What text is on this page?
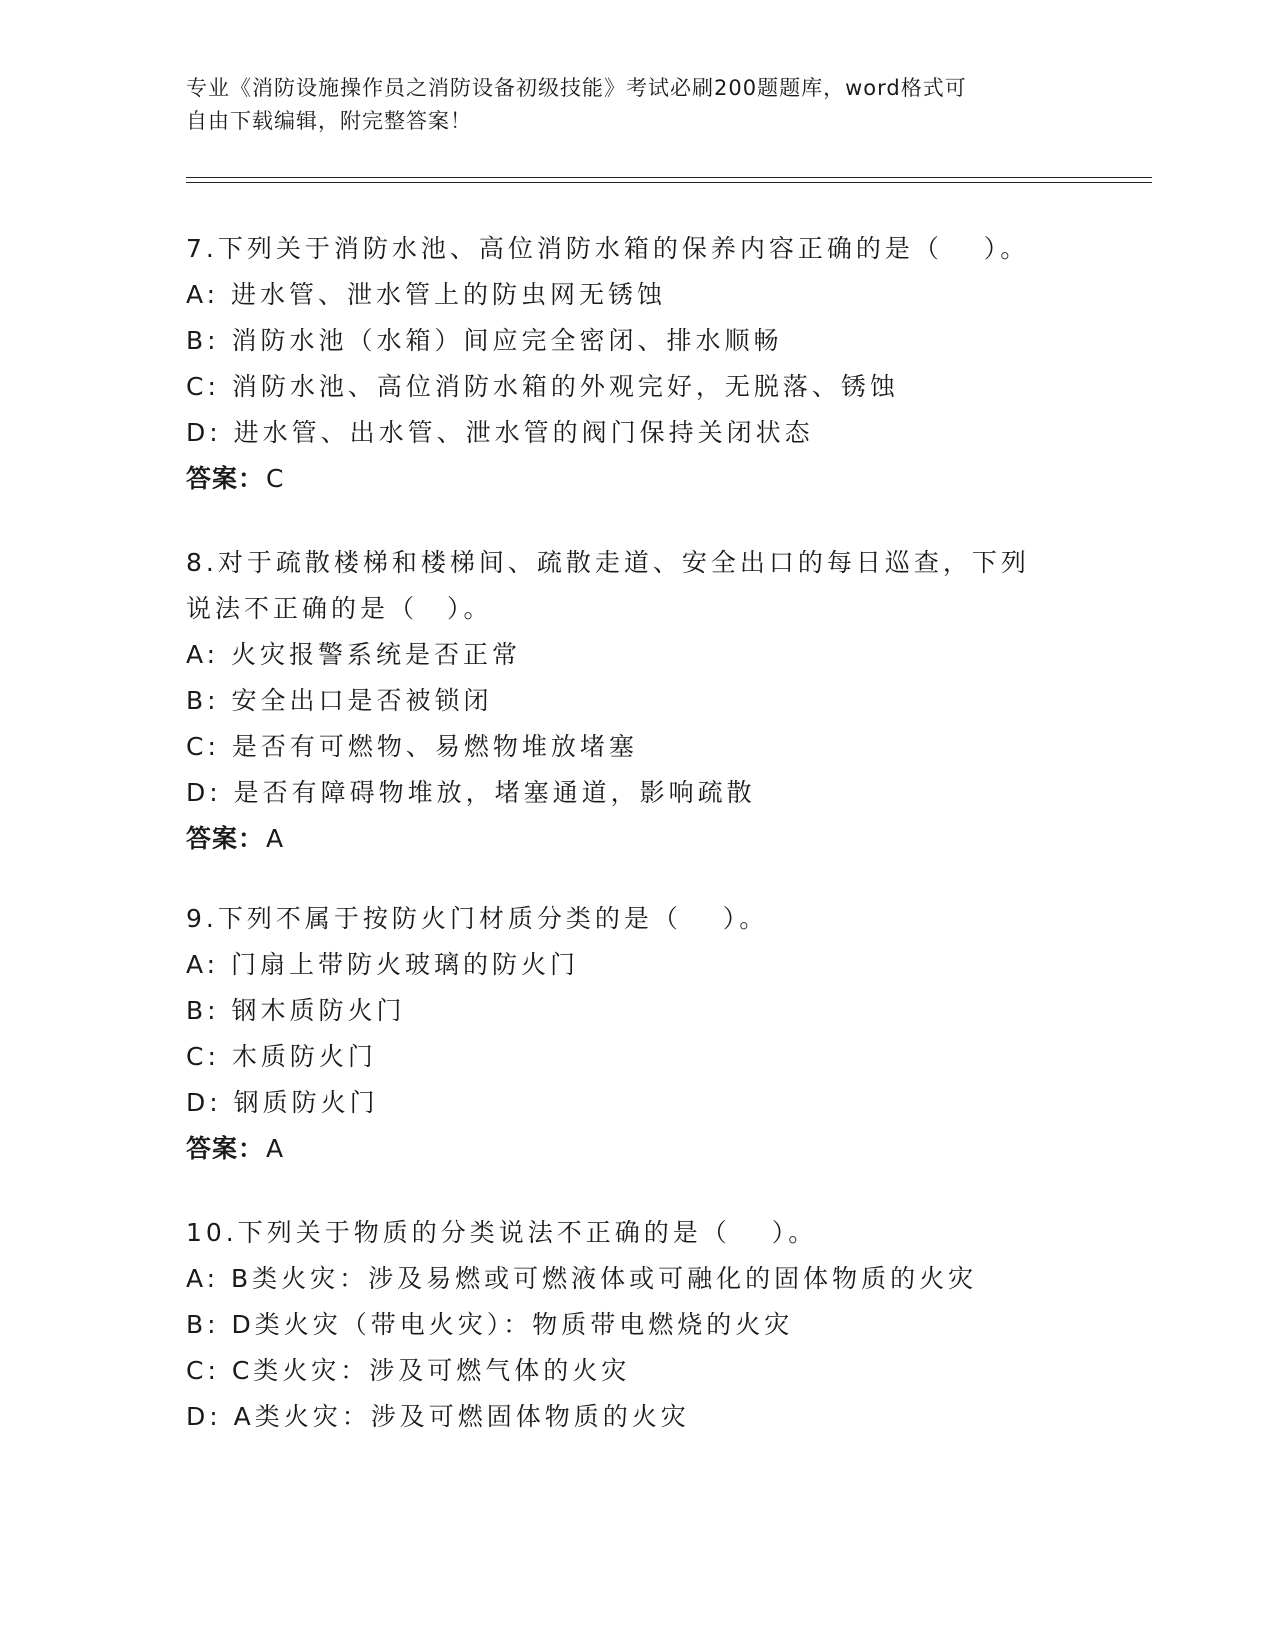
专业《消防设施操作员之消防设备初级技能》考试必刷200题题库，word格式可
自由下载编辑，附完整答案！

7.下列关于消防水池、高位消防水箱的保养内容正确的是（　 ）。

A: 进水管、泄水管上的防虫网无锈蚀

B: 消防水池（水箱）间应完全密闭、排水顺畅

C: 消防水池、高位消防水箱的外观完好，无脱落、锈蚀

D: 进水管、出水管、泄水管的阀门保持关闭状态

答案：C

8.对于疏散楼梯和楼梯间、疏散走道、安全出口的每日巡查，下列说法不正确的是（　）。

A: 火灾报警系统是否正常

B: 安全出口是否被锁闭

C: 是否有可燃物、易燃物堆放堵塞

D: 是否有障碍物堆放，堵塞通道，影响疏散

答案：A

9.下列不属于按防火门材质分类的是（　 ）。

A: 门扇上带防火玻璃的防火门

B: 钢木质防火门

C: 木质防火门

D: 钢质防火门

答案：A

10.下列关于物质的分类说法不正确的是（　 ）。

A: B类火灾：涉及易燃或可燃液体或可融化的固体物质的火灾

B: D类火灾（带电火灾）：物质带电燃烧的火灾

C: C类火灾：涉及可燃气体的火灾

D: A类火灾：涉及可燃固体物质的火灾
